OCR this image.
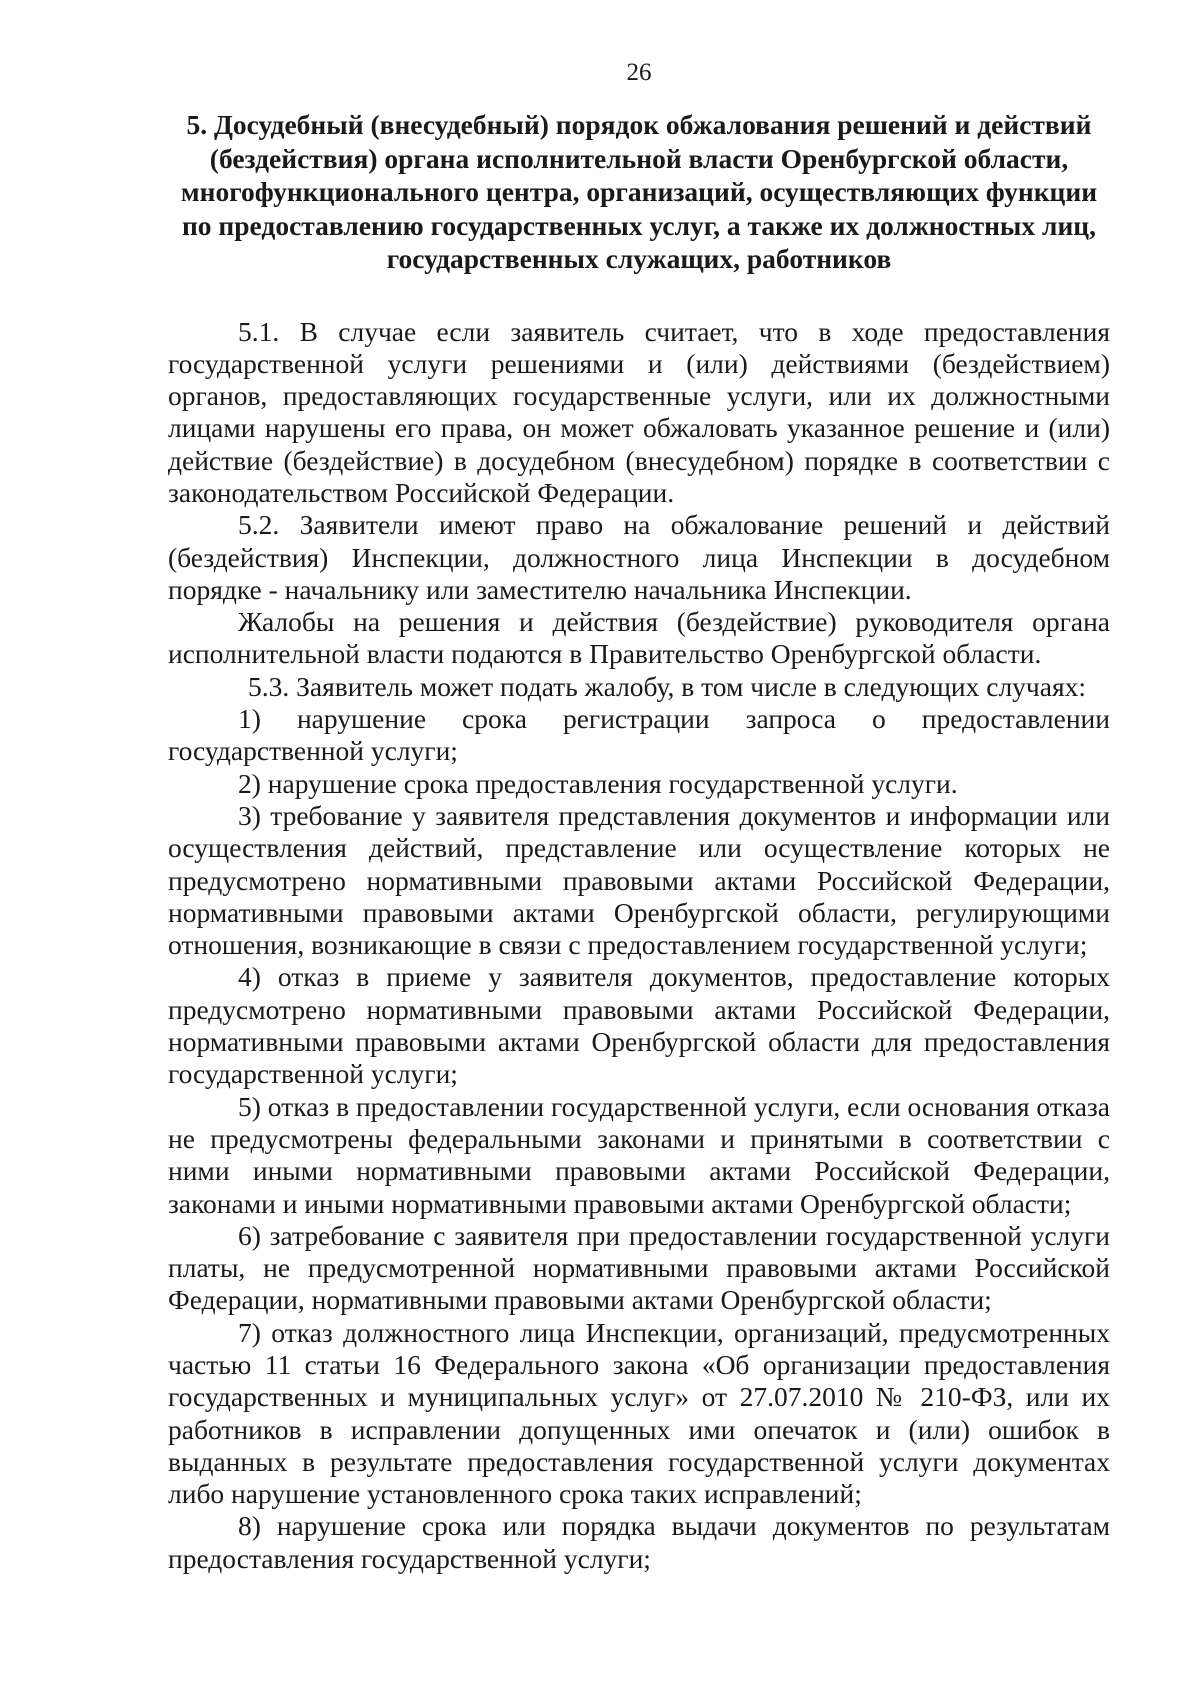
26
5. Досудебный (внесудебный) порядок обжалования решений и действий (бездействия) органа исполнительной власти Оренбургской области, многофункционального центра, организаций, осуществляющих функции по предоставлению государственных услуг, а также их должностных лиц, государственных служащих, работников

5.1. В случае если заявитель считает, что в ходе предоставления государственной услуги решениями и (или) действиями (бездействием) органов, предоставляющих государственные услуги, или их должностными лицами нарушены его права, он может обжаловать указанное решение и (или) действие (бездействие) в досудебном (внесудебном) порядке в соответствии с законодательством Российской Федерации.

5.2. Заявители имеют право на обжалование решений и действий (бездействия) Инспекции, должностного лица Инспекции в досудебном порядке - начальнику или заместителю начальника Инспекции.

Жалобы на решения и действия (бездействие) руководителя органа исполнительной власти подаются в Правительство Оренбургской области.

5.3. Заявитель может подать жалобу, в том числе в следующих случаях:

1) нарушение срока регистрации запроса о предоставлении государственной услуги;

2) нарушение срока предоставления государственной услуги.

3) требование у заявителя представления документов и информации или осуществления действий, представление или осуществление которых не предусмотрено нормативными правовыми актами Российской Федерации, нормативными правовыми актами Оренбургской области, регулирующими отношения, возникающие в связи с предоставлением государственной услуги;

4) отказ в приеме у заявителя документов, предоставление которых предусмотрено нормативными правовыми актами Российской Федерации, нормативными правовыми актами Оренбургской области для предоставления государственной услуги;

5) отказ в предоставлении государственной услуги, если основания отказа не предусмотрены федеральными законами и принятыми в соответствии с ними иными нормативными правовыми актами Российской Федерации, законами и иными нормативными правовыми актами Оренбургской области;

6) затребование с заявителя при предоставлении государственной услуги платы, не предусмотренной нормативными правовыми актами Российской Федерации, нормативными правовыми актами Оренбургской области;

7) отказ должностного лица Инспекции, организаций, предусмотренных частью 11 статьи 16 Федерального закона «Об организации предоставления государственных и муниципальных услуг» от 27.07.2010 № 210-ФЗ, или их работников в исправлении допущенных ими опечаток и (или) ошибок в выданных в результате предоставления государственной услуги документах либо нарушение установленного срока таких исправлений;

8) нарушение срока или порядка выдачи документов по результатам предоставления государственной услуги;
